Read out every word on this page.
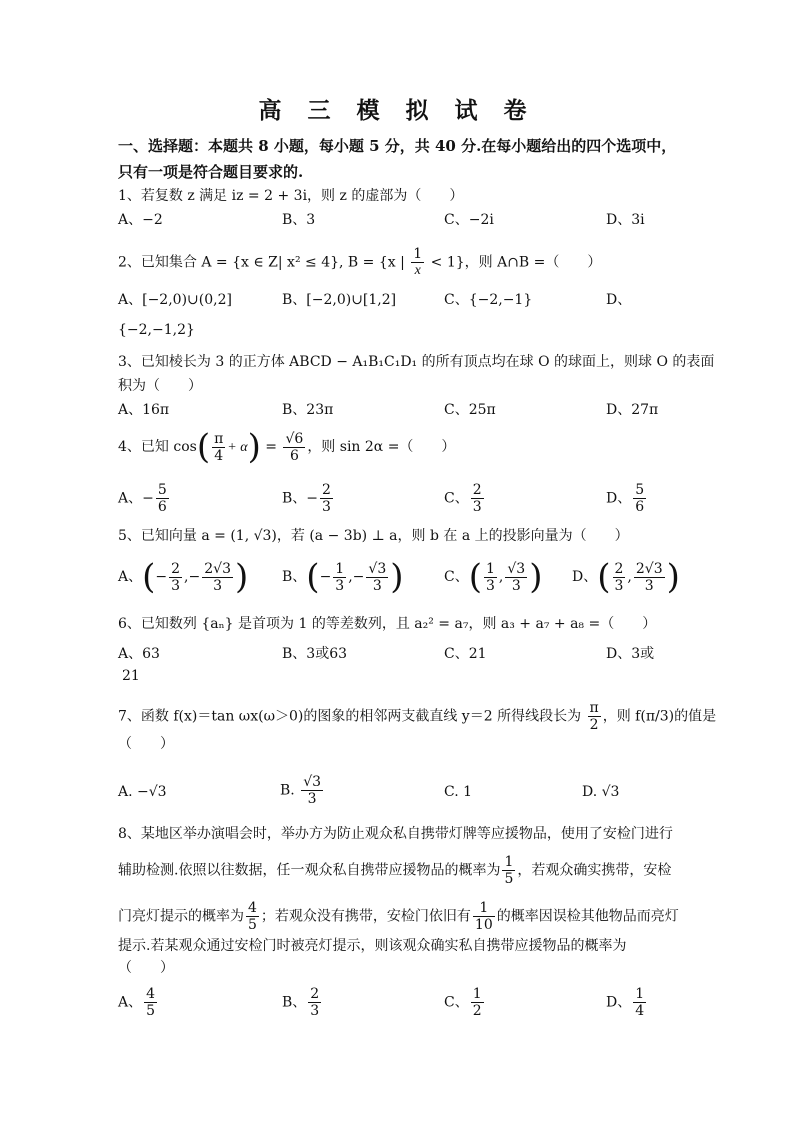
高 三 模 拟 试 卷
一、选择题：本题共 8 小题，每小题 5 分，共 40 分.在每小题给出的四个选项中，
只有一项是符合题目要求的.
1、若复数 z 满足 iz = 2 + 3i，则 z 的虚部为（　　）
A、−2	B、3	C、−2i	D、3i
2、已知集合 A = {x ∈ Z| x² ≤ 4}, B = {x | $\frac{1}{x} < 1$}，则 A∩B =（　　）
A、[−2,0)∪(0,2]	B、[−2,0)∪[1,2]	C、{−2,−1}	D、
{−2,−1,2}
3、已知棱长为 3 的正方体 ABCD − A₁B₁C₁D₁ 的所有顶点均在球 O 的球面上，则球 O 的表面
积为（　　）
A、16π	B、23π	C、25π	D、27π
4、已知 $\cos( \frac{\pi}{4} + \alpha) = \frac{√6}{6}$ ，则 sin 2α =（　　）
A、− $\frac{5}{6}$	B、− $\frac{2}{3}$	C、 $\frac{2}{3}$	D、 $\frac{5}{6}$
5、已知向量 a = (1, √3)，若 (a − 3b) ⊥ a，则 b 在 a 上的投影向量为（　　）
A、(− $\frac{2}{3}$ ,− $\frac{2√3}{3}$ ) B、(− $\frac{1}{3}$ ,− $\frac{√3}{3}$ )	C、( $\frac{1}{3}$ , $\frac{√3}{3}$ ) D、( $\frac{2}{3}$ , $\frac{2√3}{3}$ )
6、已知数列 {aₙ} 是首项为 1 的等差数列，且 a₂² = a₇，则 a₃ + a₇ + a₈ =（　　）
A、63	B、3或63	C、21	D、3或
21
7、函数 f(x)＝tan ωx(ω＞0)的图象的相邻两支截直线 y＝2 所得线段长为 $\frac{\pi}{2}$ ，则 f(π/3)的值是
（　　）
A. −√3	B. $\frac{√3}{3}$	C. 1	D. √3
8、某地区举办演唱会时，举办方为防止观众私自携带灯牌等应援物品，使用了安检门进行
辅助检测.依照以往数据，任一观众私自携带应援物品的概率为 $\frac{1}{5}$ ，若观众确实携带，安检
门亮灯提示的概率为 $\frac{4}{5}$ ；若观众没有携带，安检门依旧有 $\frac{1}{10}$ 的概率因误检其他物品而亮灯
提示.若某观众通过安检门时被亮灯提示，则该观众确实私自携带应援物品的概率为
（　　）
A、 $\frac{4}{5}$	B、 $\frac{2}{3}$	C、 $\frac{1}{2}$	D、 $\frac{1}{4}$
